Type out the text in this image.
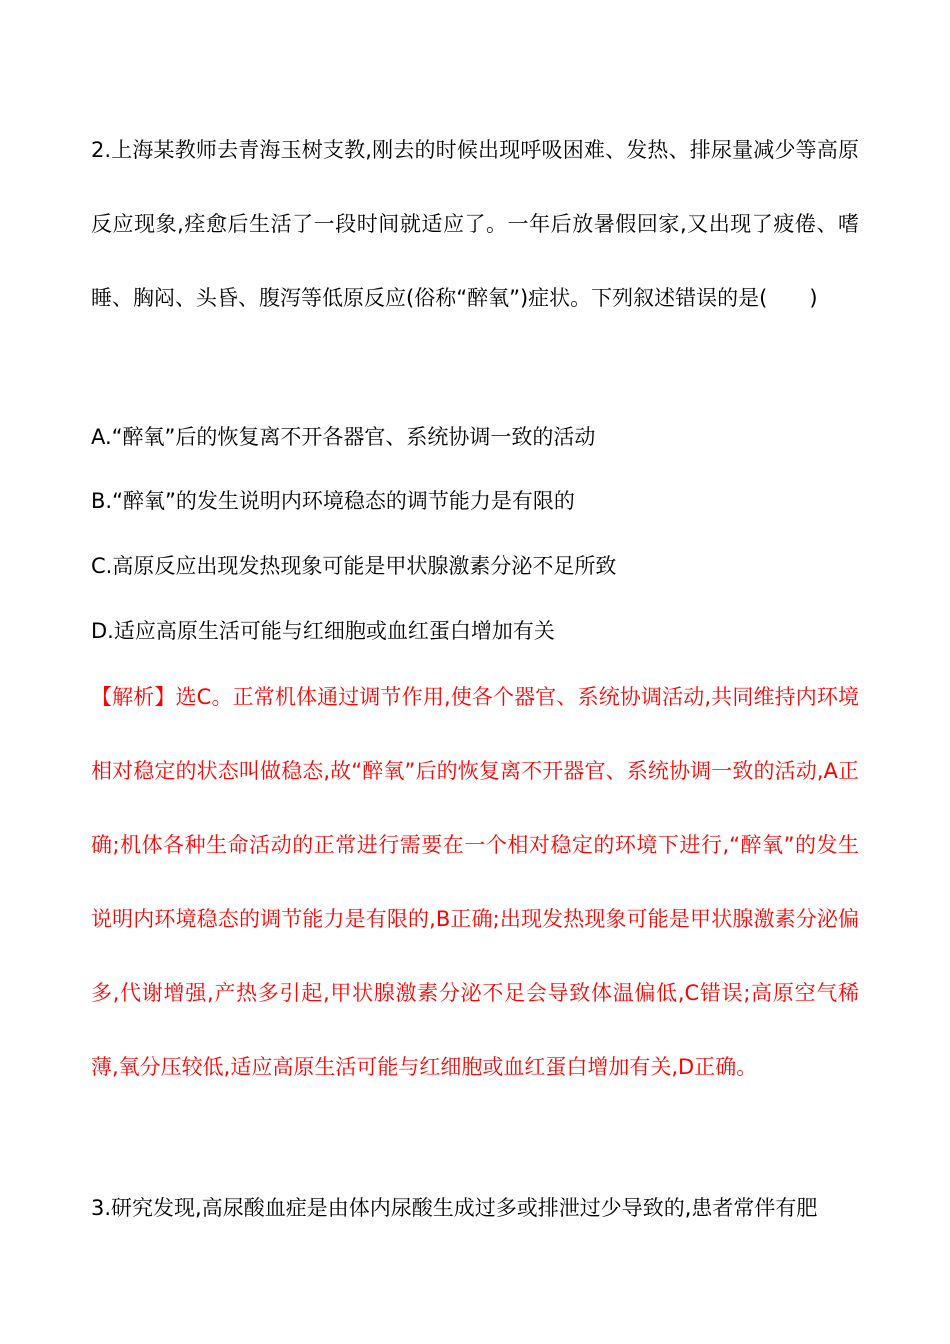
2.上海某教师去青海玉树支教,刚去的时候出现呼吸困难、发热、排尿量减少等高原反应现象,痊愈后生活了一段时间就适应了。一年后放暑假回家,又出现了疲倦、嗜睡、胸闷、头昏、腹泻等低原反应(俗称“醉氧”)症状。下列叙述错误的是(　　)

A.“醉氧”后的恢复离不开各器官、系统协调一致的活动

B.“醉氧”的发生说明内环境稳态的调节能力是有限的

C.高原反应出现发热现象可能是甲状腺激素分泌不足所致

D.适应高原生活可能与红细胞或血红蛋白增加有关

【解析】选C。正常机体通过调节作用,使各个器官、系统协调活动,共同维持内环境相对稳定的状态叫做稳态,故“醉氧”后的恢复离不开器官、系统协调一致的活动,A正确;机体各种生命活动的正常进行需要在一个相对稳定的环境下进行,“醉氧”的发生说明内环境稳态的调节能力是有限的,B正确;出现发热现象可能是甲状腺激素分泌偏多,代谢增强,产热多引起,甲状腺激素分泌不足会导致体温偏低,C错误;高原空气稀薄,氧分压较低,适应高原生活可能与红细胞或血红蛋白增加有关,D正确。

3.研究发现,高尿酸血症是由体内尿酸生成过多或排泄过少导致的,患者常伴有肥
